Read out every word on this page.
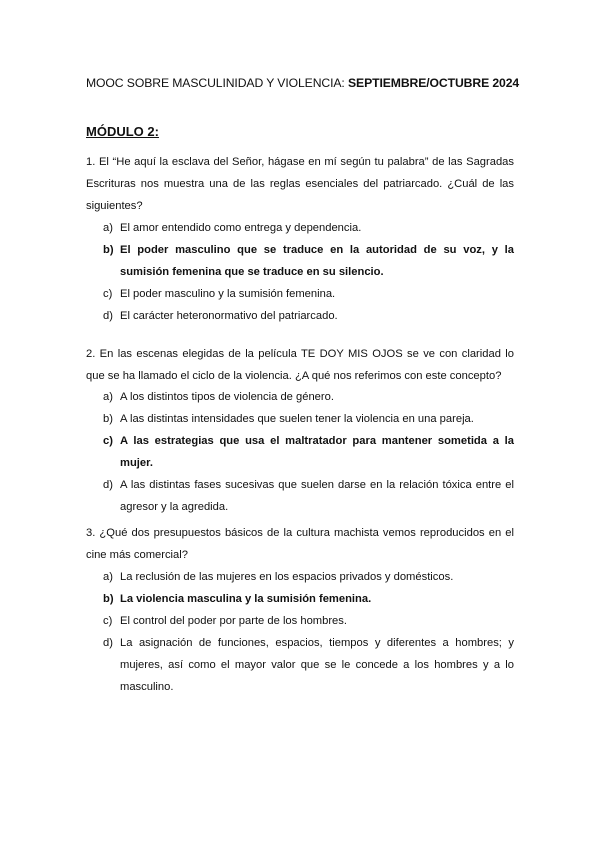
MOOC SOBRE MASCULINIDAD Y VIOLENCIA: SEPTIEMBRE/OCTUBRE 2024
MÓDULO 2:
1. El “He aquí la esclava del Señor, hágase en mí según tu palabra” de las Sagradas Escrituras nos muestra una de las reglas esenciales del patriarcado. ¿Cuál de las siguientes?
a) El amor entendido como entrega y dependencia.
b) El poder masculino que se traduce en la autoridad de su voz, y la sumisión femenina que se traduce en su silencio.
c) El poder masculino y la sumisión femenina.
d) El carácter heteronormativo del patriarcado.
2. En las escenas elegidas de la película TE DOY MIS OJOS se ve con claridad lo que se ha llamado el ciclo de la violencia. ¿A qué nos referimos con este concepto?
a) A los distintos tipos de violencia de género.
b) A las distintas intensidades que suelen tener la violencia en una pareja.
c) A las estrategias que usa el maltratador para mantener sometida a la mujer.
d) A las distintas fases sucesivas que suelen darse en la relación tóxica entre el agresor y la agredida.
3. ¿Qué dos presupuestos básicos de la cultura machista vemos reproducidos en el cine más comercial?
a) La reclusión de las mujeres en los espacios privados y domésticos.
b) La violencia masculina y la sumisión femenina.
c) El control del poder por parte de los hombres.
d) La asignación de funciones, espacios, tiempos y diferentes a hombres; y mujeres, así como el mayor valor que se le concede a los hombres y a lo masculino.
